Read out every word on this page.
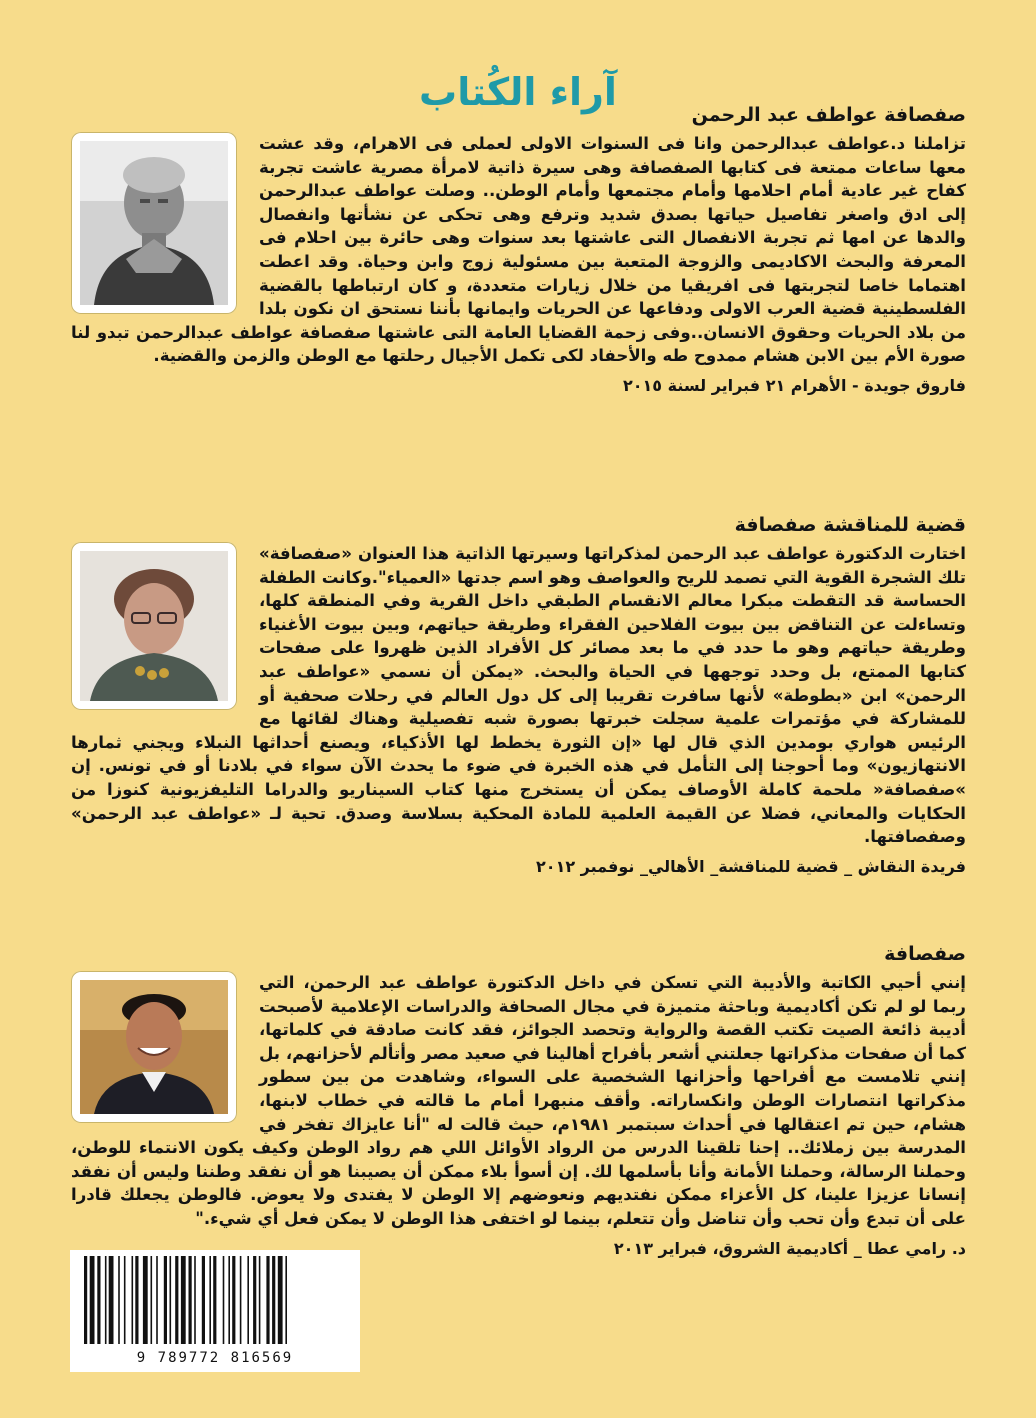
آراء الكُتاب
صفصافة عواطف عبد الرحمن
تزاملنا د.عواطف عبدالرحمن وانا فى السنوات الاولى لعملى فى الاهرام، وقد عشت معها ساعات ممتعة فى كتابها الصفصافة وهى سيرة ذاتية لامرأة مصرية عاشت تجربة كفاح غير عادية أمام احلامها وأمام مجتمعها وأمام الوطن.. وصلت عواطف عبدالرحمن إلى ادق واصغر تفاصيل حياتها بصدق شديد وترفع وهى تحكى عن نشأتها وانفصال والدها عن امها ثم تجربة الانفصال التى عاشتها بعد سنوات وهى حائرة بين احلام فى المعرفة والبحث الاكاديمى والزوجة المتعبة بين مسئولية زوج وابن وحياة. وقد اعطت اهتماما خاصا لتجربتها فى افريقيا من خلال زيارات متعددة، و كان ارتباطها بالقضية الفلسطينية قضية العرب الاولى ودفاعها عن الحريات وايمانها بأننا نستحق ان نكون بلدا من بلاد الحريات وحقوق الانسان..وفى زحمة القضايا العامة التى عاشتها صفصافة عواطف عبدالرحمن تبدو لنا صورة الأم بين الابن هشام ممدوح طه والأحفاد لكى تكمل الأجيال رحلتها مع الوطن والزمن والقضية.
فاروق جويدة - الأهرام ٢١ فبراير لسنة ٢٠١٥
قضية للمناقشة صفصافة
اختارت الدكتورة عواطف عبد الرحمن لمذكراتها وسيرتها الذاتية هذا العنوان «صفصافة» تلك الشجرة القوية التي تصمد للريح والعواصف وهو اسم جدتها «العمياء".وكانت الطفلة الحساسة قد التقطت مبكرا معالم الانقسام الطبقي داخل القرية وفي المنطقة كلها، وتساءلت عن التناقض بين بيوت الفلاحين الفقراء وطريقة حياتهم، وبين بيوت الأغنياء وطريقة حياتهم وهو ما حدد في ما بعد مصائر كل الأفراد الذين ظهروا على صفحات كتابها الممتع، بل وحدد توجهها في الحياة والبحث. «يمكن أن نسمي «عواطف عبد الرحمن» ابن «بطوطة» لأنها سافرت تقريبا إلى كل دول العالم في رحلات صحفية أو للمشاركة في مؤتمرات علمية سجلت خبرتها بصورة شبه تفصيلية وهناك لقائها مع الرئيس هواري بومدين الذي قال لها «إن الثورة يخطط لها الأذكياء، ويصنع أحداثها النبلاء ويجني ثمارها الانتهازيون» وما أحوجنا إلى التأمل في هذه الخبرة في ضوء ما يحدث الآن سواء في بلادنا أو في تونس. إن »صفصافة« ملحمة كاملة الأوصاف يمكن أن يستخرج منها كتاب السيناريو والدراما التليفزيونية كنوزا من الحكايات والمعاني، فضلا عن القيمة العلمية للمادة المحكية بسلاسة وصدق. تحية لـ «عواطف عبد الرحمن» وصفصافتها.
فريدة النقاش _ قضية للمناقشة_ الأهالي_ نوفمبر ٢٠١٢
صفصافة
إنني أحيي الكاتبة والأديبة التي تسكن في داخل الدكتورة عواطف عبد الرحمن، التي ربما لو لم تكن أكاديمية وباحثة متميزة في مجال الصحافة والدراسات الإعلامية لأصبحت أديبة ذائعة الصيت تكتب القصة والرواية وتحصد الجوائز، فقد كانت صادقة في كلماتها، كما أن صفحات مذكراتها جعلتني أشعر بأفراح أهالينا في صعيد مصر وأتألم لأحزانهم، بل إنني تلامست مع أفراحها وأحزانها الشخصية على السواء، وشاهدت من بين سطور مذكراتها انتصارات الوطن وانكساراته. وأقف منبهرا أمام ما قالته في خطاب لابنها، هشام، حين تم اعتقالها في أحداث سبتمبر ١٩٨١م، حيث قالت له "أنا عايزاك تفخر في المدرسة بين زملائك.. إحنا تلقينا الدرس من الرواد الأوائل اللي هم رواد الوطن وكيف يكون الانتماء للوطن، وحملنا الرسالة، وحملنا الأمانة وأنا بأسلمها لك. إن أسوأ بلاء ممكن أن يصيبنا هو أن نفقد وطننا وليس أن نفقد إنسانا عزيزا علينا، كل الأعزاء ممكن نفتديهم ونعوضهم إلا الوطن لا يفتدى ولا يعوض. فالوطن يجعلك قادرا على أن تبدع وأن تحب وأن تناضل وأن تتعلم، بينما لو اختفى هذا الوطن لا يمكن فعل أي شيء."
د. رامي عطا _ أكاديمية الشروق، فبراير ٢٠١٣
9 789772 816569
